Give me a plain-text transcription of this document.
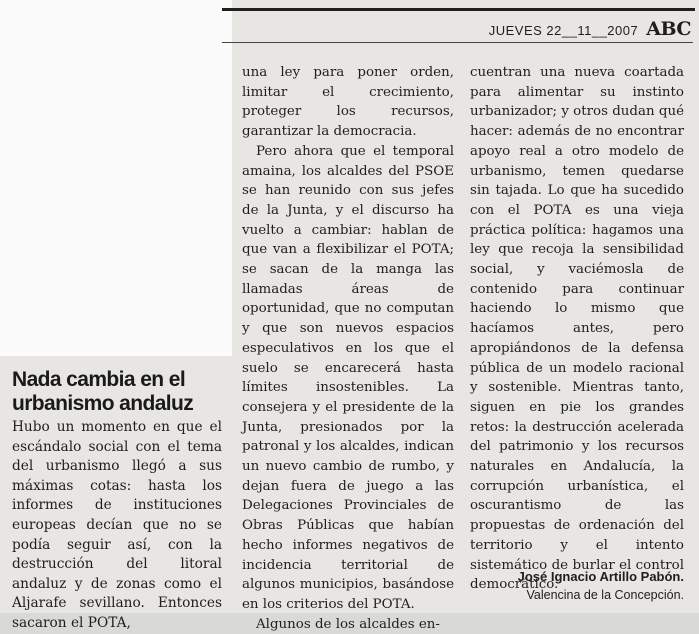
JUEVES 22__11__2007 ABC
Nada cambia en el urbanismo andaluz

Hubo un momento en que el escándalo social con el tema del urbanismo llegó a sus máximas cotas: hasta los informes de instituciones europeas decían que no se podía seguir así, con la destrucción del litoral andaluz y de zonas como el Aljarafe sevillano. Entonces sacaron el POTA,

una ley para poner orden, limitar el crecimiento, proteger los recursos, garantizar la democracia.

Pero ahora que el temporal amaina, los alcaldes del PSOE se han reunido con sus jefes de la Junta, y el discurso ha vuelto a cambiar: hablan de que van a flexibilizar el POTA; se sacan de la manga las llamadas áreas de oportunidad, que no computan y que son nuevos espacios especulativos en los que el suelo se encarecerá hasta límites insostenibles. La consejera y el presidente de la Junta, presionados por la patronal y los alcaldes, indican un nuevo cambio de rumbo, y dejan fuera de juego a las Delegaciones Provinciales de Obras Públicas que habían hecho informes negativos de incidencia territorial de algunos municipios, basándose en los criterios del POTA.

Algunos de los alcaldes en-

cuentran una nueva coartada para alimentar su instinto urbanizador; y otros dudan qué hacer: además de no encontrar apoyo real a otro modelo de urbanismo, temen quedarse sin tajada. Lo que ha sucedido con el POTA es una vieja práctica política: hagamos una ley que recoja la sensibilidad social, y vaciémosla de contenido para continuar haciendo lo mismo que hacíamos antes, pero apropiándonos de la defensa pública de un modelo racional y sostenible. Mientras tanto, siguen en pie los grandes retos: la destrucción acelerada del patrimonio y los recursos naturales en Andalucía, la corrupción urbanística, el oscurantismo de las propuestas de ordenación del territorio y el intento sistemático de burlar el control democrático.

José Ignacio Artillo Pabón.
Valencina de la Concepción.
